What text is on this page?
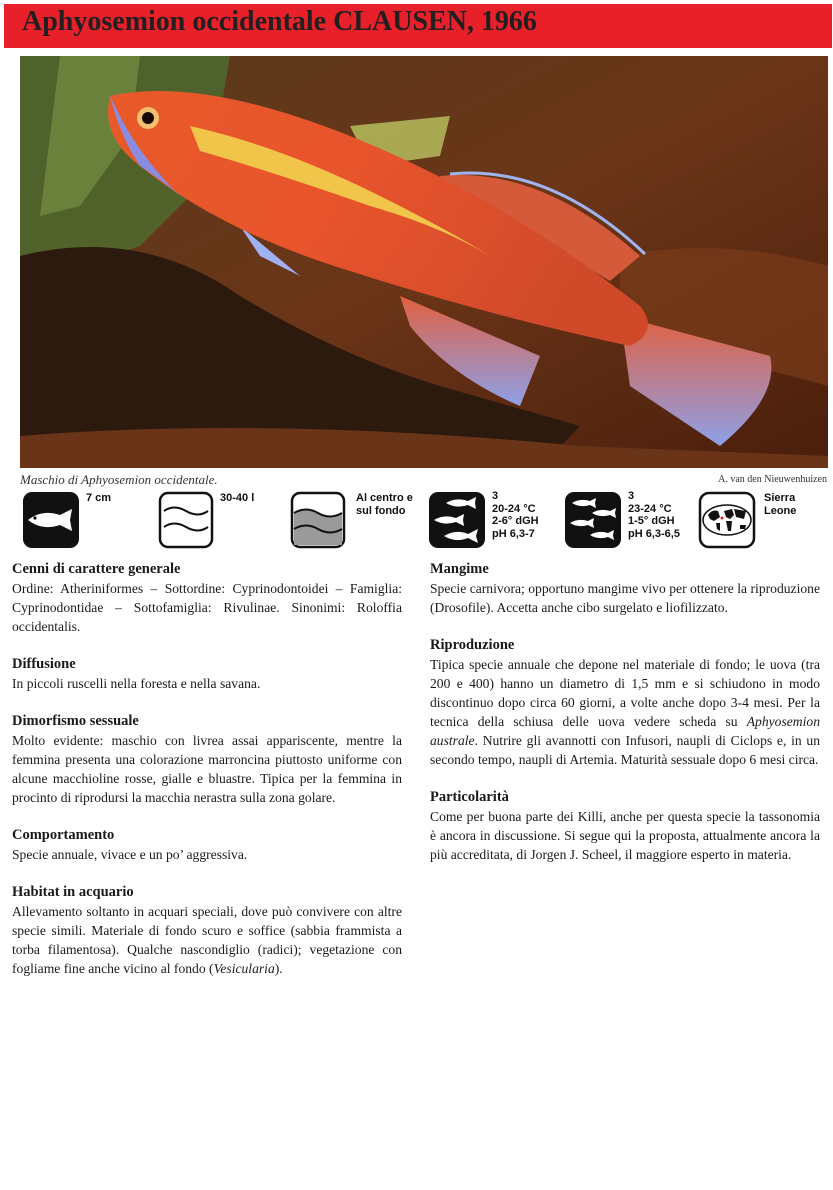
Aphyosemion occidentale CLAUSEN, 1966
Maschio di Aphyosemion occidentale.	A. van den Nieuwenhuizen
7 cm	30-40 l	Al centro e
sul fondo
3
20-24 °C
2-6° dGH
pH 6,3-7
3
23-24 °C
1-5° dGH
pH 6,3-6,5
Sierra
Leone
Cenni di carattere generale

Ordine: Atheriniformes – Sottordine: Cyprinodontoidei – Famiglia: Cyprinodontidae – Sottofamiglia: Rivulinae. Sinonimi: Roloffia occidentalis.

Diffusione

In piccoli ruscelli nella foresta e nella savana.

Dimorfismo sessuale

Molto evidente: maschio con livrea assai appariscente, mentre la femmina presenta una colorazione marroncina piuttosto uniforme con alcune macchioline rosse, gialle e bluastre. Tipica per la femmina in procinto di riprodursi la macchia nerastra sulla zona golare.

Comportamento

Specie annuale, vivace e un po’ aggressiva.

Habitat in acquario

Allevamento soltanto in acquari speciali, dove può convivere con altre specie simili. Materiale di fondo scuro e soffice (sabbia frammista a torba filamentosa). Qualche nascondiglio (radici); vegetazione con fogliame fine anche vicino al fondo (Vesicularia).

Mangime

Specie carnivora; opportuno mangime vivo per ottenere la riproduzione (Drosofile). Accetta anche cibo surgelato e liofilizzato.

Riproduzione

Tipica specie annuale che depone nel materiale di fondo; le uova (tra 200 e 400) hanno un diametro di 1,5 mm e si schiudono in modo discontinuo dopo circa 60 giorni, a volte anche dopo 3-4 mesi. Per la tecnica della schiusa delle uova vedere scheda su Aphyosemion australe. Nutrire gli avannotti con Infusori, naupli di Ciclops e, in un secondo tempo, naupli di Artemia. Maturità sessuale dopo 6 mesi circa.

Particolarità

Come per buona parte dei Killi, anche per questa specie la tassonomia è ancora in discussione. Si segue qui la proposta, attualmente ancora la più accreditata, di Jorgen J. Scheel, il maggiore esperto in materia.
